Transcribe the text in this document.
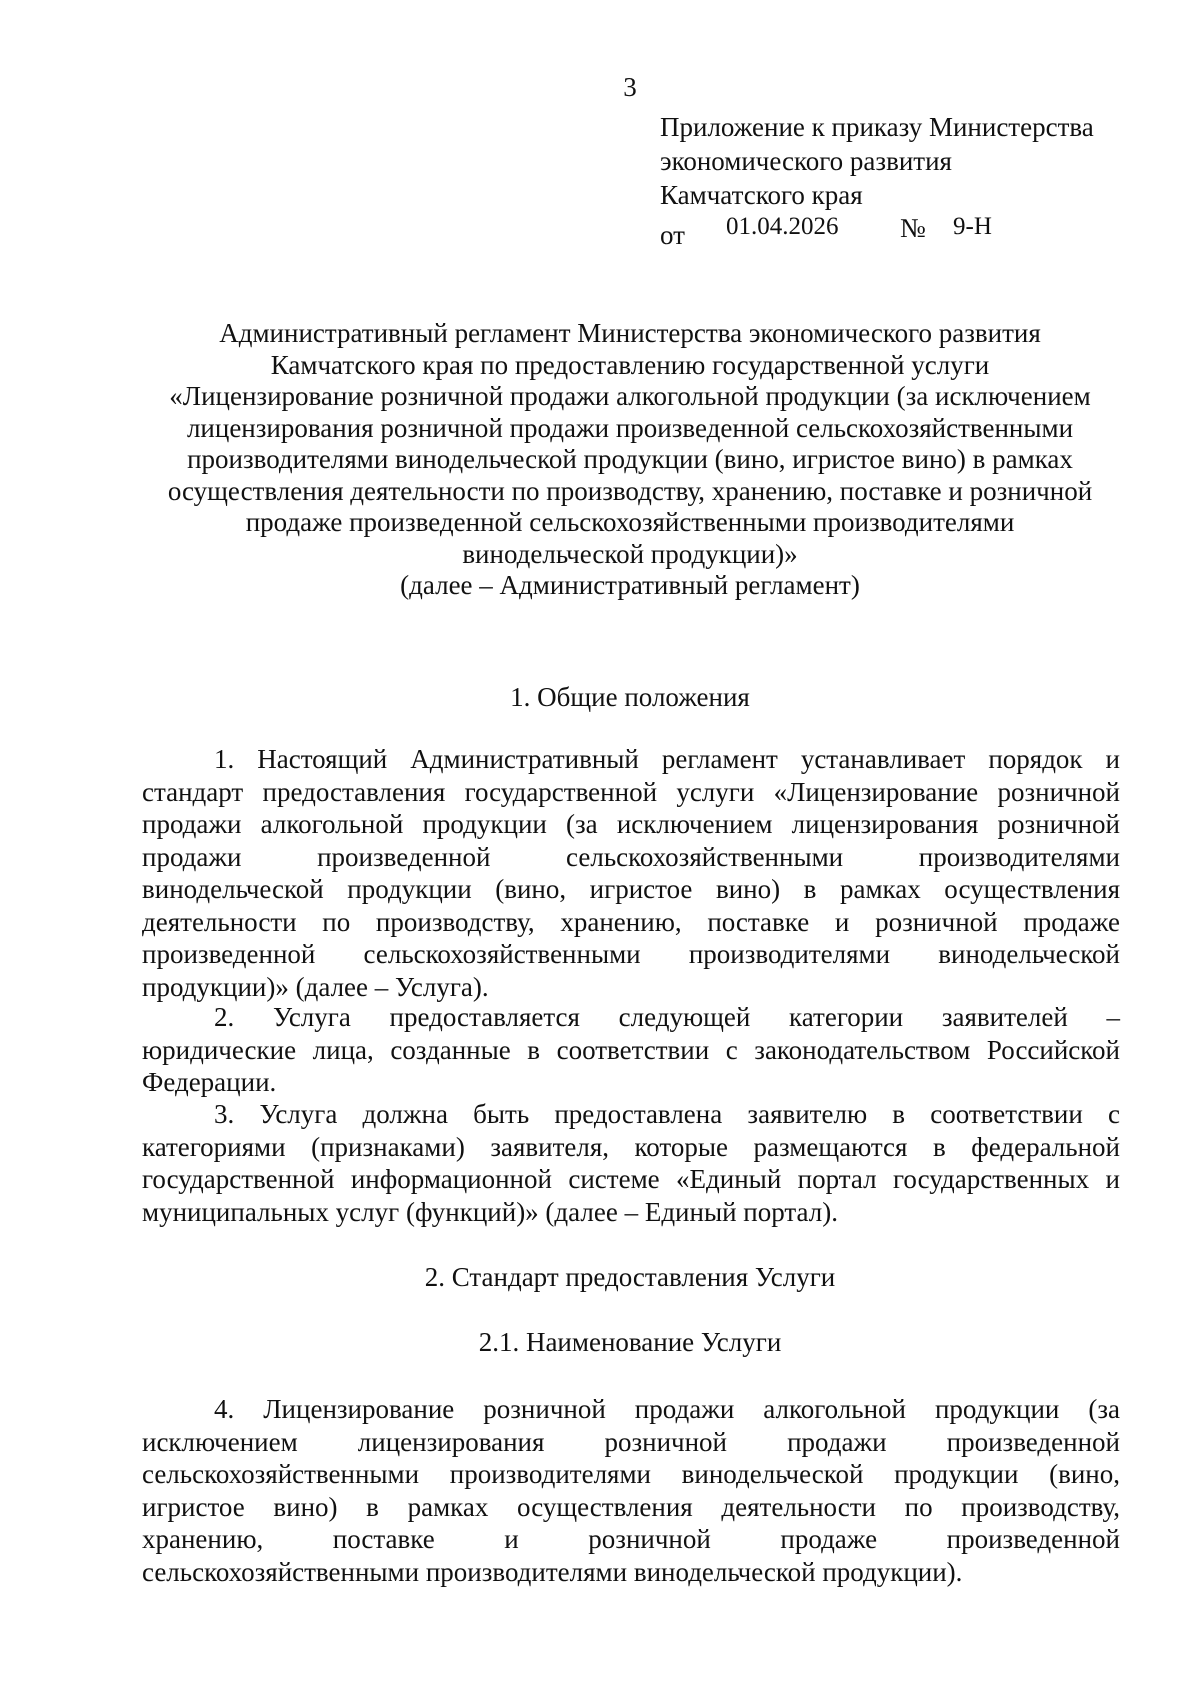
3
Приложение к приказу Министерства
экономического развития
Камчатского края
от 01.04.2026 № 9-Н
Административный регламент Министерства экономического развития
Камчатского края по предоставлению государственной услуги
«Лицензирование розничной продажи алкогольной продукции (за исключением
лицензирования розничной продажи произведенной сельскохозяйственными
производителями винодельческой продукции (вино, игристое вино) в рамках
осуществления деятельности по производству, хранению, поставке и розничной
продаже произведенной сельскохозяйственными производителями
винодельческой продукции)»
(далее – Административный регламент)
1. Общие положения
1. Настоящий Административный регламент устанавливает порядок и
стандарт предоставления государственной услуги «Лицензирование розничной
продажи алкогольной продукции (за исключением лицензирования розничной
продажи произведенной сельскохозяйственными производителями
винодельческой продукции (вино, игристое вино) в рамках осуществления
деятельности по производству, хранению, поставке и розничной продаже
произведенной сельскохозяйственными производителями винодельческой
продукции)» (далее – Услуга).
2. Услуга предоставляется следующей категории заявителей –
юридические лица, созданные в соответствии с законодательством Российской
Федерации.
3. Услуга должна быть предоставлена заявителю в соответствии с
категориями (признаками) заявителя, которые размещаются в федеральной
государственной информационной системе «Единый портал государственных и
муниципальных услуг (функций)» (далее – Единый портал).
2. Стандарт предоставления Услуги
2.1. Наименование Услуги
4. Лицензирование розничной продажи алкогольной продукции (за
исключением лицензирования розничной продажи произведенной
сельскохозяйственными производителями винодельческой продукции (вино,
игристое вино) в рамках осуществления деятельности по производству,
хранению, поставке и розничной продаже произведенной
сельскохозяйственными производителями винодельческой продукции).
